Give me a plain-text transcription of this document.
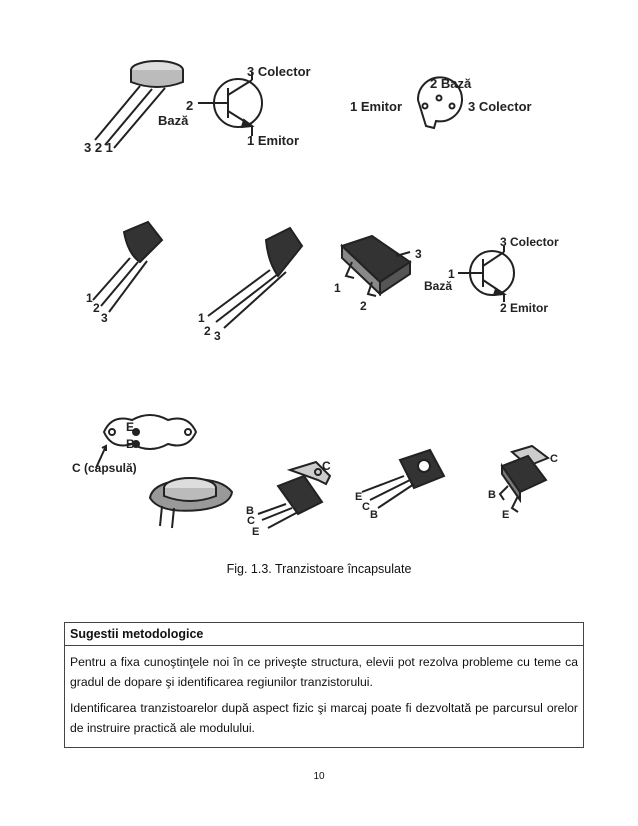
3 2 1
3 Colector
2
Bază
1 Emitor
2 Bază
1 Emitor	3 Colector
1
2
3	1
2 3
1
2
3
3 Colector
1
Bază
2 Emitor
E
B
C (capsulă)	C
B
C
E
E
C
B
C
B
E
Fig. 1.3. Tranzistoare încapsulate
Sugestii metodologice

Pentru a fixa cunoştinţele noi în ce priveşte structura, elevii pot rezolva probleme cu teme ca gradul de dopare şi identificarea regiunilor tranzistorului.

Identificarea tranzistoarelor după aspect fizic şi marcaj poate fi dezvoltată pe parcursul orelor de instruire practică ale modulului.

10
